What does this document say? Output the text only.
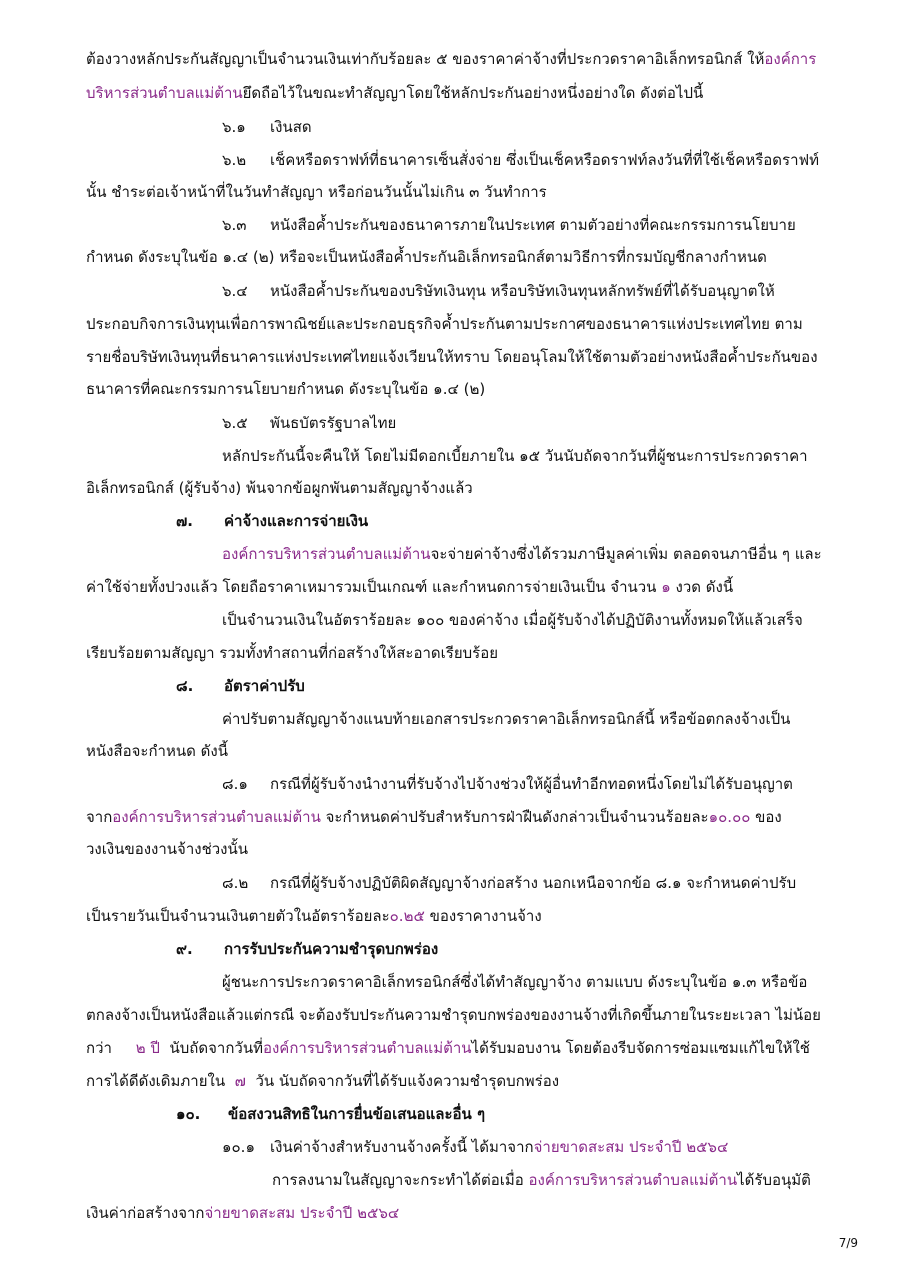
ต้องวางหลักประกันสัญญาเป็นจำนวนเงินเท่ากับร้อยละ ๕ ของราคาค่าจ้างที่ประกวดราคาอิเล็กทรอนิกส์ ให้องค์การ
บริหารส่วนตำบลแม่ต้านยึดถือไว้ในขณะทำสัญญาโดยใช้หลักประกันอย่างหนึ่งอย่างใด ดังต่อไปนี้
๖.๑ เงินสด
๖.๒ เช็คหรือดราฟท์ที่ธนาคารเซ็นสั่งจ่าย ซึ่งเป็นเช็คหรือดราฟท์ลงวันที่ที่ใช้เช็คหรือดราฟท์
นั้น ชำระต่อเจ้าหน้าที่ในวันทำสัญญา หรือก่อนวันนั้นไม่เกิน ๓ วันทำการ
๖.๓ หนังสือค้ำประกันของธนาคารภายในประเทศ ตามตัวอย่างที่คณะกรรมการนโยบาย
กำหนด ดังระบุในข้อ ๑.๔ (๒) หรือจะเป็นหนังสือค้ำประกันอิเล็กทรอนิกส์ตามวิธีการที่กรมบัญชีกลางกำหนด
๖.๔ หนังสือค้ำประกันของบริษัทเงินทุน หรือบริษัทเงินทุนหลักทรัพย์ที่ได้รับอนุญาตให้
ประกอบกิจการเงินทุนเพื่อการพาณิชย์และประกอบธุรกิจค้ำประกันตามประกาศของธนาคารแห่งประเทศไทย ตาม
รายชื่อบริษัทเงินทุนที่ธนาคารแห่งประเทศไทยแจ้งเวียนให้ทราบ โดยอนุโลมให้ใช้ตามตัวอย่างหนังสือค้ำประกันของ
ธนาคารที่คณะกรรมการนโยบายกำหนด ดังระบุในข้อ ๑.๔ (๒)
๖.๕ พันธบัตรรัฐบาลไทย
หลักประกันนี้จะคืนให้ โดยไม่มีดอกเบี้ยภายใน ๑๕ วันนับถัดจากวันที่ผู้ชนะการประกวดราคา
อิเล็กทรอนิกส์ (ผู้รับจ้าง) พ้นจากข้อผูกพันตามสัญญาจ้างแล้ว
๗. ค่าจ้างและการจ่ายเงิน
องค์การบริหารส่วนตำบลแม่ต้านจะจ่ายค่าจ้างซึ่งได้รวมภาษีมูลค่าเพิ่ม ตลอดจนภาษีอื่น ๆ และ
ค่าใช้จ่ายทั้งปวงแล้ว โดยถือราคาเหมารวมเป็นเกณฑ์ และกำหนดการจ่ายเงินเป็น จำนวน ๑ งวด ดังนี้
เป็นจำนวนเงินในอัตราร้อยละ ๑๐๐ ของค่าจ้าง เมื่อผู้รับจ้างได้ปฏิบัติงานทั้งหมดให้แล้วเสร็จ
เรียบร้อยตามสัญญา รวมทั้งทำสถานที่ก่อสร้างให้สะอาดเรียบร้อย
๘. อัตราค่าปรับ
ค่าปรับตามสัญญาจ้างแนบท้ายเอกสารประกวดราคาอิเล็กทรอนิกส์นี้ หรือข้อตกลงจ้างเป็น
หนังสือจะกำหนด ดังนี้
๘.๑ กรณีที่ผู้รับจ้างนำงานที่รับจ้างไปจ้างช่วงให้ผู้อื่นทำอีกทอดหนึ่งโดยไม่ได้รับอนุญาต
จากองค์การบริหารส่วนตำบลแม่ต้าน จะกำหนดค่าปรับสำหรับการฝ่าฝืนดังกล่าวเป็นจำนวนร้อยละ๑๐.๐๐ ของ
วงเงินของงานจ้างช่วงนั้น
๘.๒ กรณีที่ผู้รับจ้างปฏิบัติผิดสัญญาจ้างก่อสร้าง นอกเหนือจากข้อ ๘.๑ จะกำหนดค่าปรับ
เป็นรายวันเป็นจำนวนเงินตายตัวในอัตราร้อยละ๐.๒๕ ของราคางานจ้าง
๙. การรับประกันความชำรุดบกพร่อง
ผู้ชนะการประกวดราคาอิเล็กทรอนิกส์ซึ่งได้ทำสัญญาจ้าง ตามแบบ ดังระบุในข้อ ๑.๓ หรือข้อ
ตกลงจ้างเป็นหนังสือแล้วแต่กรณี จะต้องรับประกันความชำรุดบกพร่องของงานจ้างที่เกิดขึ้นภายในระยะเวลา ไม่น้อย
กว่า     ๒ ปี  นับถัดจากวันที่องค์การบริหารส่วนตำบลแม่ต้านได้รับมอบงาน โดยต้องรีบจัดการซ่อมแซมแก้ไขให้ใช้
การได้ดีดังเดิมภายใน  ๗  วัน นับถัดจากวันที่ได้รับแจ้งความชำรุดบกพร่อง
๑๐. ข้อสงวนสิทธิในการยื่นข้อเสนอและอื่น ๆ
๑๐.๑ เงินค่าจ้างสำหรับงานจ้างครั้งนี้ ได้มาจากจ่ายขาดสะสม ประจำปี ๒๕๖๔
การลงนามในสัญญาจะกระทำได้ต่อเมื่อ องค์การบริหารส่วนตำบลแม่ต้านได้รับอนุมัติ
เงินค่าก่อสร้างจากจ่ายขาดสะสม ประจำปี ๒๕๖๔
7/9
